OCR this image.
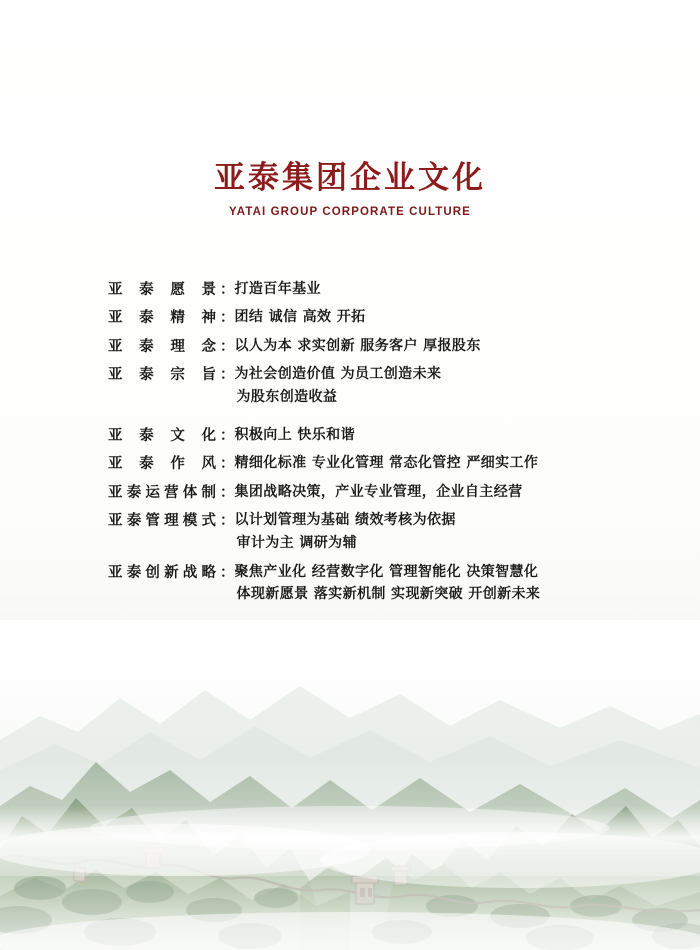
亚泰集团企业文化
YATAI GROUP CORPORATE CULTURE
亚泰愿景 ： 打造百年基业
亚泰精神 ： 团结 诚信 高效 开拓
亚泰理念 ： 以人为本 求实创新 服务客户 厚报股东
亚泰宗旨 ： 为社会创造价值 为员工创造未来
为股东创造收益
亚泰文化 ： 积极向上 快乐和谐
亚泰作风 ： 精细化标准 专业化管理 常态化管控 严细实工作
亚泰运营体制 ： 集团战略决策，产业专业管理，企业自主经营
亚泰管理模式 ： 以计划管理为基础 绩效考核为依据
审计为主 调研为辅
亚泰创新战略 ： 聚焦产业化 经营数字化 管理智能化 决策智慧化
体现新愿景 落实新机制 实现新突破 开创新未来
